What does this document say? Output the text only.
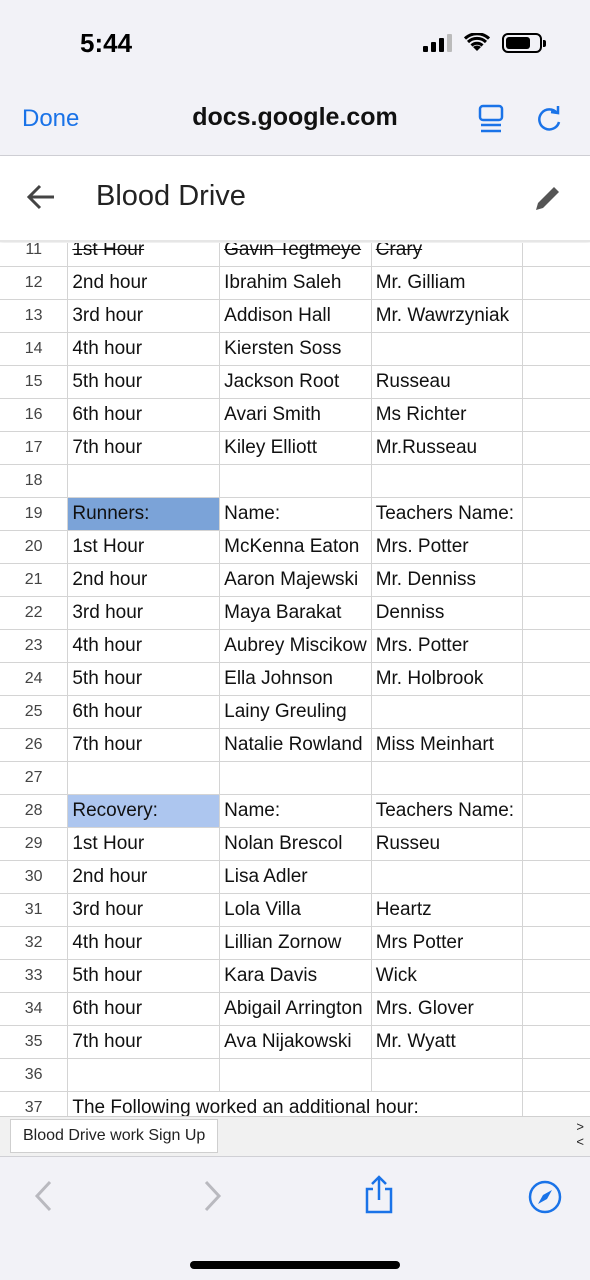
5:44
docs.google.com
Done
Blood Drive
11	1st Hour	Gavin Tegtmeye	Crary	
12	2nd hour	Ibrahim Saleh	Mr. Gilliam	
13	3rd hour	Addison Hall	Mr. Wawrzyniak	
14	4th hour	Kiersten Soss		
15	5th hour	Jackson Root	Russeau	
16	6th hour	Avari Smith	Ms Richter	
17	7th hour	Kiley Elliott	Mr.Russeau	
18				
19	Runners:	Name:	Teachers Name:	
20	1st Hour	McKenna Eaton	Mrs. Potter	
21	2nd hour	Aaron Majewski	Mr. Denniss	
22	3rd hour	Maya Barakat	Denniss	
23	4th hour	Aubrey Miscikow	Mrs. Potter	
24	5th hour	Ella Johnson	Mr. Holbrook	
25	6th hour	Lainy Greuling		
26	7th hour	Natalie Rowland	Miss Meinhart	
27				
28	Recovery:	Name:	Teachers Name:	
29	1st Hour	Nolan Brescol	Russeu	
30	2nd hour	Lisa Adler		
31	3rd hour	Lola Villa	Heartz	
32	4th hour	Lillian Zornow	Mrs Potter	
33	5th hour	Kara Davis	Wick	
34	6th hour	Abigail Arrington	Mrs. Glover	
35	7th hour	Ava Nijakowski	Mr. Wyatt	
36				
37	The Following worked an additional hour:			
Blood Drive work Sign Up
>
<
